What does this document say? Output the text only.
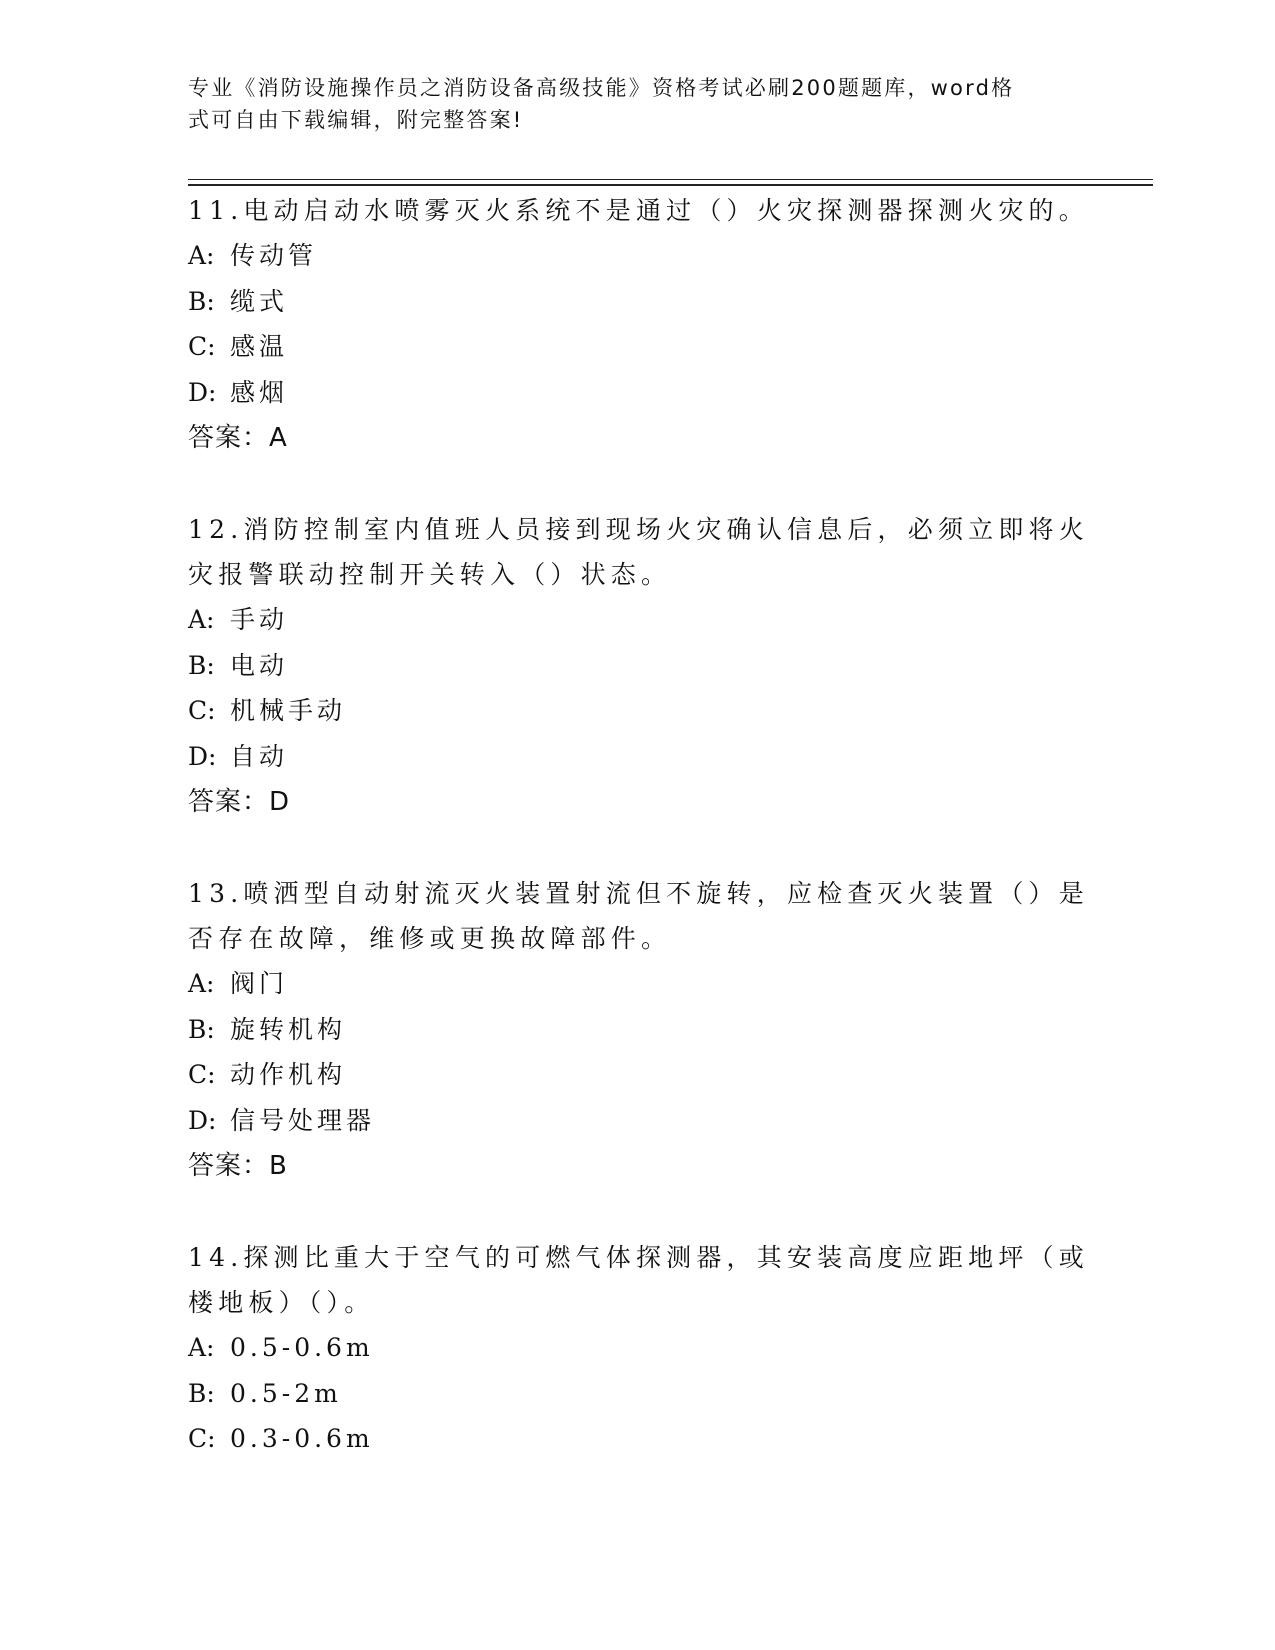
专业《消防设施操作员之消防设备高级技能》资格考试必刷200题题库，word格
式可自由下载编辑，附完整答案!
11.电动启动水喷雾灭火系统不是通过（）火灾探测器探测火灾的。
A: 传动管
B: 缆式
C: 感温
D: 感烟
答案：A
12.消防控制室内值班人员接到现场火灾确认信息后，必须立即将火灾报警联动控制开关转入（）状态。
A: 手动
B: 电动
C: 机械手动
D: 自动
答案：D
13.喷洒型自动射流灭火装置射流但不旋转，应检查灭火装置（）是否存在故障，维修或更换故障部件。
A: 阀门
B: 旋转机构
C: 动作机构
D: 信号处理器
答案：B
14.探测比重大于空气的可燃气体探测器，其安装高度应距地坪（或楼地板）（）。
A: 0.5-0.6m
B: 0.5-2m
C: 0.3-0.6m
